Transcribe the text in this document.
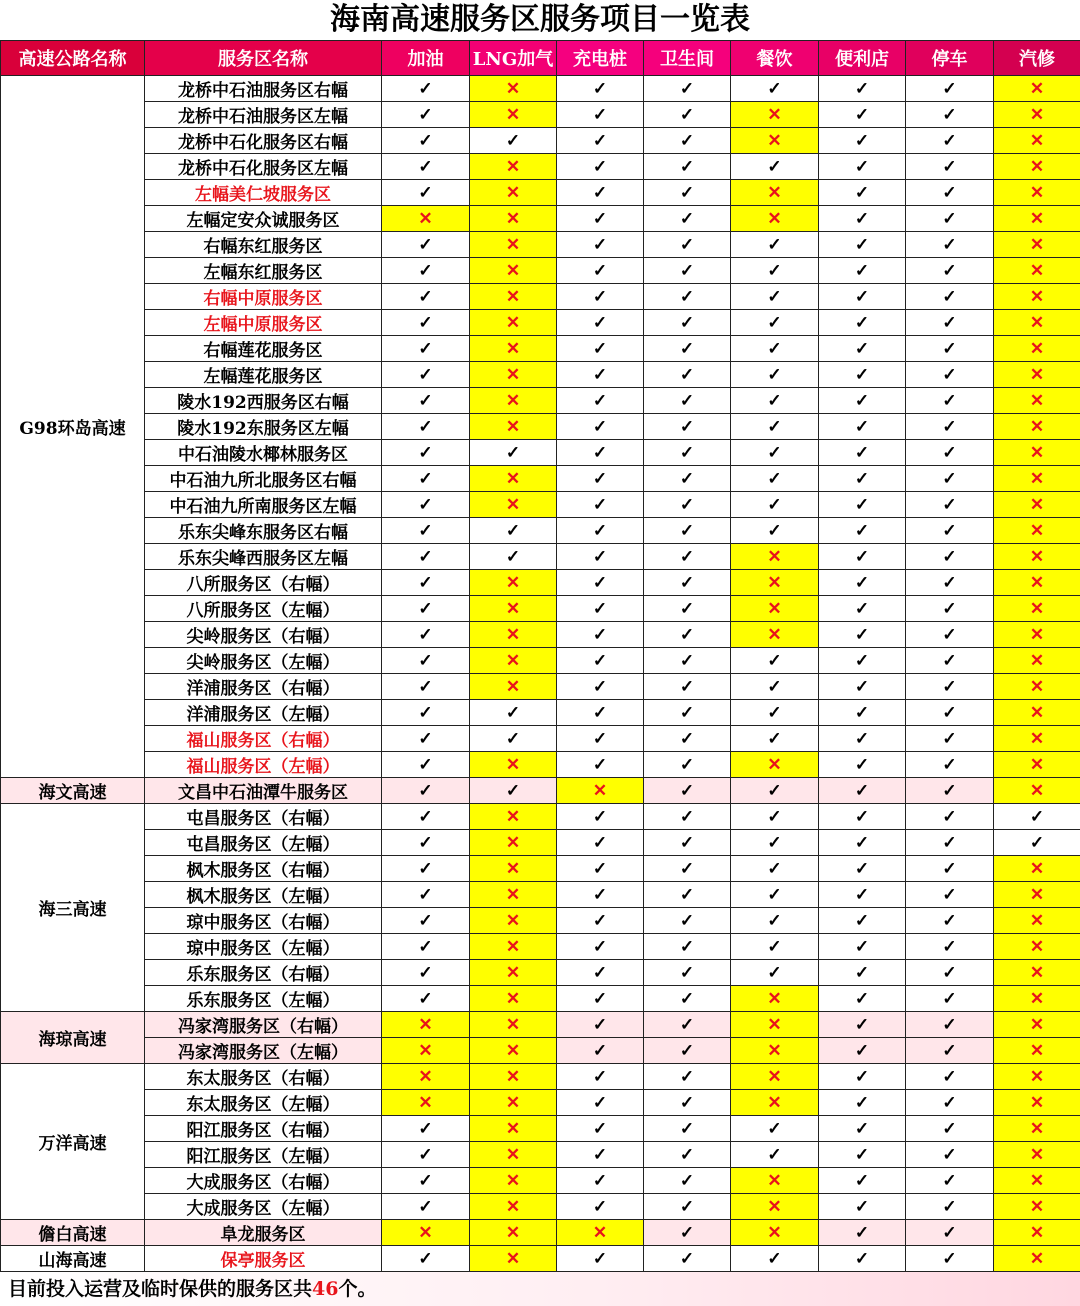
海南高速服务区服务项目一览表
高速公路名称	服务区名称	加油	LNG加气	充电桩	卫生间	餐饮	便利店	停车	汽修
G98环岛高速	龙桥中石油服务区右幅	✓	✕	✓	✓	✓	✓	✓	✕
	龙桥中石油服务区左幅	✓	✕	✓	✓	✕	✓	✓	✕
	龙桥中石化服务区右幅	✓	✓	✓	✓	✕	✓	✓	✕
	龙桥中石化服务区左幅	✓	✕	✓	✓	✓	✓	✓	✕
	左幅美仁坡服务区	✓	✕	✓	✓	✕	✓	✓	✕
	左幅定安众诚服务区	✕	✕	✓	✓	✕	✓	✓	✕
	右幅东红服务区	✓	✕	✓	✓	✓	✓	✓	✕
	左幅东红服务区	✓	✕	✓	✓	✓	✓	✓	✕
	右幅中原服务区	✓	✕	✓	✓	✓	✓	✓	✕
	左幅中原服务区	✓	✕	✓	✓	✓	✓	✓	✕
	右幅莲花服务区	✓	✕	✓	✓	✓	✓	✓	✕
	左幅莲花服务区	✓	✕	✓	✓	✓	✓	✓	✕
	陵水192西服务区右幅	✓	✕	✓	✓	✓	✓	✓	✕
	陵水192东服务区左幅	✓	✕	✓	✓	✓	✓	✓	✕
	中石油陵水椰林服务区	✓	✓	✓	✓	✓	✓	✓	✕
	中石油九所北服务区右幅	✓	✕	✓	✓	✓	✓	✓	✕
	中石油九所南服务区左幅	✓	✕	✓	✓	✓	✓	✓	✕
	乐东尖峰东服务区右幅	✓	✓	✓	✓	✓	✓	✓	✕
	乐东尖峰西服务区左幅	✓	✓	✓	✓	✕	✓	✓	✕
	八所服务区（右幅）	✓	✕	✓	✓	✕	✓	✓	✕
	八所服务区（左幅）	✓	✕	✓	✓	✕	✓	✓	✕
	尖岭服务区（右幅）	✓	✕	✓	✓	✕	✓	✓	✕
	尖岭服务区（左幅）	✓	✕	✓	✓	✓	✓	✓	✕
	洋浦服务区（右幅）	✓	✕	✓	✓	✓	✓	✓	✕
	洋浦服务区（左幅）	✓	✓	✓	✓	✓	✓	✓	✕
	福山服务区（右幅）	✓	✓	✓	✓	✓	✓	✓	✕
	福山服务区（左幅）	✓	✕	✓	✓	✕	✓	✓	✕
海文高速	文昌中石油潭牛服务区	✓	✓	✕	✓	✓	✓	✓	✕
海三高速	屯昌服务区（右幅）	✓	✕	✓	✓	✓	✓	✓	✓
	屯昌服务区（左幅）	✓	✕	✓	✓	✓	✓	✓	✓
	枫木服务区（右幅）	✓	✕	✓	✓	✓	✓	✓	✕
	枫木服务区（左幅）	✓	✕	✓	✓	✓	✓	✓	✕
	琼中服务区（右幅）	✓	✕	✓	✓	✓	✓	✓	✕
	琼中服务区（左幅）	✓	✕	✓	✓	✓	✓	✓	✕
	乐东服务区（右幅）	✓	✕	✓	✓	✓	✓	✓	✕
	乐东服务区（左幅）	✓	✕	✓	✓	✕	✓	✓	✕
海琼高速	冯家湾服务区（右幅）	✕	✕	✓	✓	✕	✓	✓	✕
	冯家湾服务区（左幅）	✕	✕	✓	✓	✕	✓	✓	✕
万洋高速	东太服务区（右幅）	✕	✕	✓	✓	✕	✓	✓	✕
	东太服务区（左幅）	✕	✕	✓	✓	✕	✓	✓	✕
	阳江服务区（右幅）	✓	✕	✓	✓	✓	✓	✓	✕
	阳江服务区（左幅）	✓	✕	✓	✓	✓	✓	✓	✕
	大成服务区（右幅）	✓	✕	✓	✓	✕	✓	✓	✕
	大成服务区（左幅）	✓	✕	✓	✓	✕	✓	✓	✕
儋白高速	阜龙服务区	✕	✕	✕	✓	✕	✓	✓	✕
山海高速	保亭服务区	✓	✕	✓	✓	✓	✓	✓	✕
目前投入运营及临时保供的服务区共46个。
